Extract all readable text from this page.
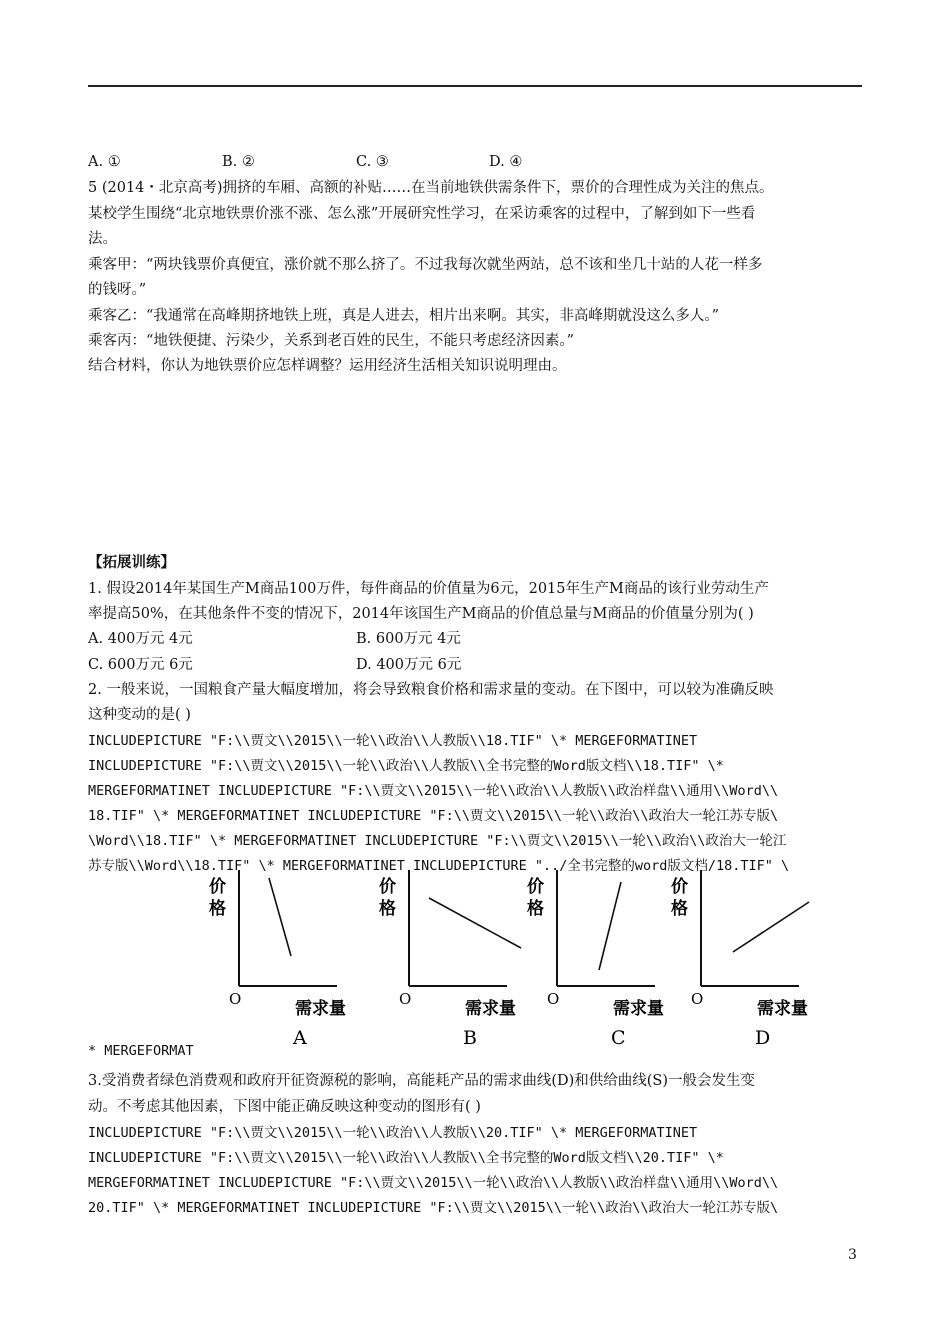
A. ①	B. ②	C. ③	D. ④
5 (2014・北京高考)拥挤的车厢、高额的补贴……在当前地铁供需条件下，票价的合理性成为关注的焦点。
某校学生围绕“北京地铁票价涨不涨、怎么涨”开展研究性学习，在采访乘客的过程中，了解到如下一些看
法。
乘客甲：“两块钱票价真便宜，涨价就不那么挤了。不过我每次就坐两站，总不该和坐几十站的人花一样多
的钱呀。”
乘客乙：“我通常在高峰期挤地铁上班，真是人进去，相片出来啊。其实，非高峰期就没这么多人。”
乘客丙：“地铁便捷、污染少，关系到老百姓的民生，不能只考虑经济因素。”
结合材料，你认为地铁票价应怎样调整？运用经济生活相关知识说明理由。
【拓展训练】
1. 假设2014年某国生产M商品100万件，每件商品的价值量为6元，2015年生产M商品的该行业劳动生产
率提高50%，在其他条件不变的情况下，2014年该国生产M商品的价值总量与M商品的价值量分别为( )
A. 400万元 4元	B. 600万元 4元
C. 600万元 6元	D. 400万元 6元
2. 一般来说，一国粮食产量大幅度增加，将会导致粮食价格和需求量的变动。在下图中，可以较为准确反映
这种变动的是( )
INCLUDEPICTURE "F:\\贾文\\2015\\一轮\\政治\\人教版\\18.TIF" \* MERGEFORMATINET
INCLUDEPICTURE "F:\\贾文\\2015\\一轮\\政治\\人教版\\全书完整的Word版文档\\18.TIF" \*
MERGEFORMATINET INCLUDEPICTURE "F:\\贾文\\2015\\一轮\\政治\\人教版\\政治样盘\\通用\\Word\\
18.TIF" \* MERGEFORMATINET INCLUDEPICTURE "F:\\贾文\\2015\\一轮\\政治\\政治大一轮江苏专版\
\Word\\18.TIF" \* MERGEFORMATINET INCLUDEPICTURE "F:\\贾文\\2015\\一轮\\政治\\政治大一轮江
苏专版\\Word\\18.TIF" \* MERGEFORMATINET INCLUDEPICTURE "../全书完整的word版文档/18.TIF" \
价
格
O	需求量
A
价
格
O	需求量
B
价
格
O	需求量
C
价
格
O	需求量
D
* MERGEFORMAT
3.受消费者绿色消费观和政府开征资源税的影响，高能耗产品的需求曲线(D)和供给曲线(S)一般会发生变
动。不考虑其他因素，下图中能正确反映这种变动的图形有( )
INCLUDEPICTURE "F:\\贾文\\2015\\一轮\\政治\\人教版\\20.TIF" \* MERGEFORMATINET
INCLUDEPICTURE "F:\\贾文\\2015\\一轮\\政治\\人教版\\全书完整的Word版文档\\20.TIF" \*
MERGEFORMATINET INCLUDEPICTURE "F:\\贾文\\2015\\一轮\\政治\\人教版\\政治样盘\\通用\\Word\\
20.TIF" \* MERGEFORMATINET INCLUDEPICTURE "F:\\贾文\\2015\\一轮\\政治\\政治大一轮江苏专版\
3
